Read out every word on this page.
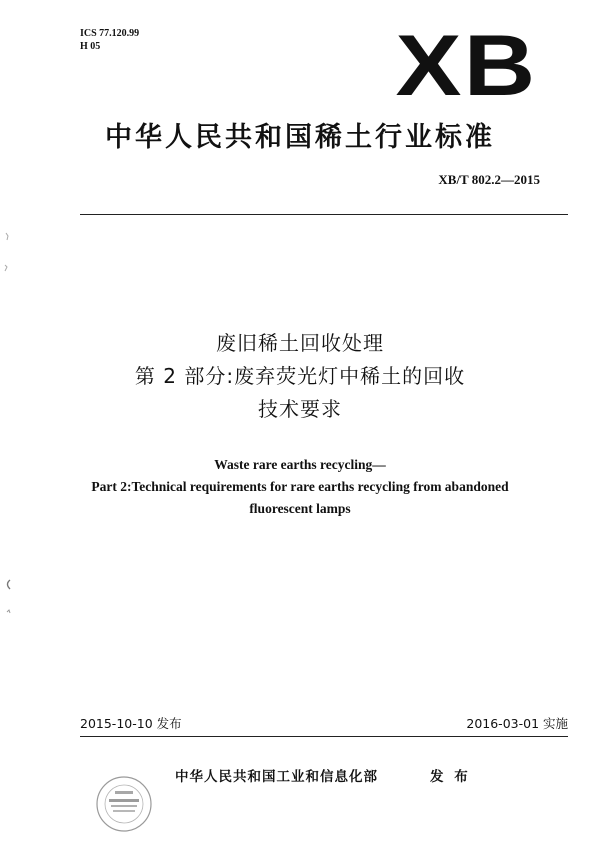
ICS 77.120.99
H 05	XB
中华人民共和国稀土行业标准
XB/T 802.2—2015
废旧稀土回收处理
第 2 部分:废弃荧光灯中稀土的回收
技术要求
Waste rare earths recycling—
Part 2:Technical requirements for rare earths recycling from abandoned
fluorescent lamps
2015-10-10 发布	2016-03-01 实施
中华人民共和国工业和信息化部	发 布
